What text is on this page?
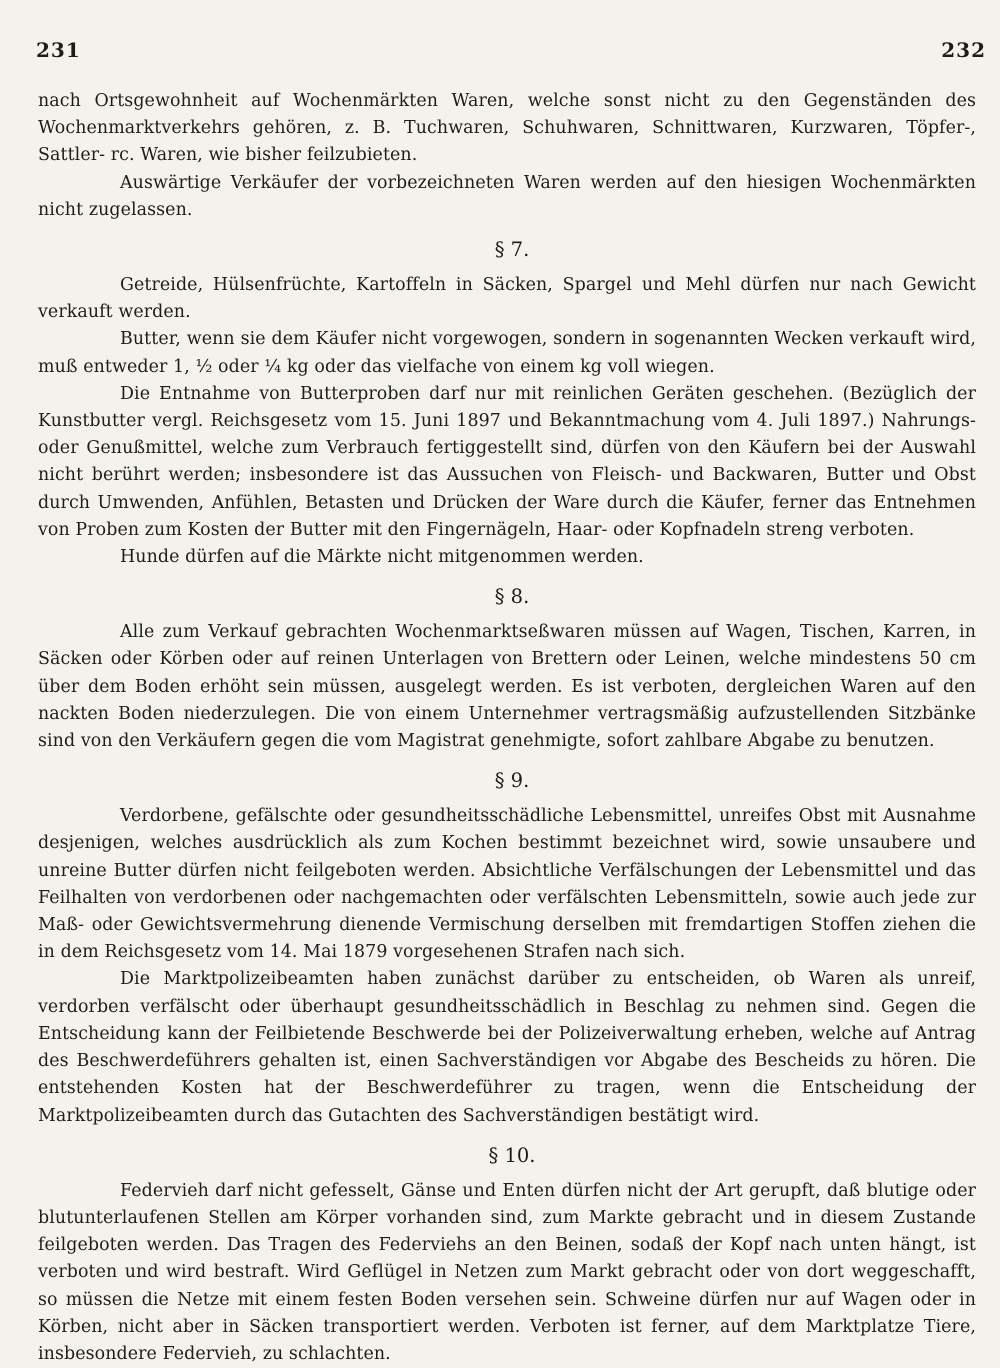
231	232

nach Ortsgewohnheit auf Wochenmärkten Waren, welche sonst nicht zu den Gegenständen des Wochenmarktverkehrs gehören, z. B. Tuchwaren, Schuhwaren, Schnittwaren, Kurzwaren, Töpfer-, Sattler- rc. Waren, wie bisher feilzubieten.

Auswärtige Verkäufer der vorbezeichneten Waren werden auf den hiesigen Wochenmärkten nicht zugelassen.

§ 7.

Getreide, Hülsenfrüchte, Kartoffeln in Säcken, Spargel und Mehl dürfen nur nach Gewicht verkauft werden.

Butter, wenn sie dem Käufer nicht vorgewogen, sondern in sogenannten Wecken verkauft wird, muß entweder 1, ½ oder ¼ kg oder das vielfache von einem kg voll wiegen.

Die Entnahme von Butterproben darf nur mit reinlichen Geräten geschehen. (Bezüglich der Kunstbutter vergl. Reichsgesetz vom 15. Juni 1897 und Bekanntmachung vom 4. Juli 1897.) Nahrungs- oder Genußmittel, welche zum Verbrauch fertiggestellt sind, dürfen von den Käufern bei der Auswahl nicht berührt werden; insbesondere ist das Aussuchen von Fleisch- und Backwaren, Butter und Obst durch Umwenden, Anfühlen, Betasten und Drücken der Ware durch die Käufer, ferner das Entnehmen von Proben zum Kosten der Butter mit den Fingernägeln, Haar- oder Kopfnadeln streng verboten.

Hunde dürfen auf die Märkte nicht mitgenommen werden.

§ 8.

Alle zum Verkauf gebrachten Wochenmarktseßwaren müssen auf Wagen, Tischen, Karren, in Säcken oder Körben oder auf reinen Unterlagen von Brettern oder Leinen, welche mindestens 50 cm über dem Boden erhöht sein müssen, ausgelegt werden. Es ist verboten, dergleichen Waren auf den nackten Boden niederzulegen. Die von einem Unternehmer vertragsmäßig aufzustellenden Sitzbänke sind von den Verkäufern gegen die vom Magistrat genehmigte, sofort zahlbare Abgabe zu benutzen.

§ 9.

Verdorbene, gefälschte oder gesundheitsschädliche Lebensmittel, unreifes Obst mit Ausnahme desjenigen, welches ausdrücklich als zum Kochen bestimmt bezeichnet wird, sowie unsaubere und unreine Butter dürfen nicht feilgeboten werden. Absichtliche Verfälschungen der Lebensmittel und das Feilhalten von verdorbenen oder nachgemachten oder verfälschten Lebensmitteln, sowie auch jede zur Maß- oder Gewichtsvermehrung dienende Vermischung derselben mit fremdartigen Stoffen ziehen die in dem Reichsgesetz vom 14. Mai 1879 vorgesehenen Strafen nach sich.

Die Marktpolizeibeamten haben zunächst darüber zu entscheiden, ob Waren als unreif, verdorben verfälscht oder überhaupt gesundheitsschädlich in Beschlag zu nehmen sind. Gegen die Entscheidung kann der Feilbietende Beschwerde bei der Polizeiverwaltung erheben, welche auf Antrag des Beschwerdeführers gehalten ist, einen Sachverständigen vor Abgabe des Bescheids zu hören. Die entstehenden Kosten hat der Beschwerdeführer zu tragen, wenn die Entscheidung der Marktpolizeibeamten durch das Gutachten des Sachverständigen bestätigt wird.

§ 10.

Federvieh darf nicht gefesselt, Gänse und Enten dürfen nicht der Art gerupft, daß blutige oder blutunterlaufenen Stellen am Körper vorhanden sind, zum Markte gebracht und in diesem Zustande feilgeboten werden. Das Tragen des Federviehs an den Beinen, sodaß der Kopf nach unten hängt, ist verboten und wird bestraft. Wird Geflügel in Netzen zum Markt gebracht oder von dort weggeschafft, so müssen die Netze mit einem festen Boden versehen sein. Schweine dürfen nur auf Wagen oder in Körben, nicht aber in Säcken transportiert werden. Verboten ist ferner, auf dem Marktplatze Tiere, insbesondere Federvieh, zu schlachten.
